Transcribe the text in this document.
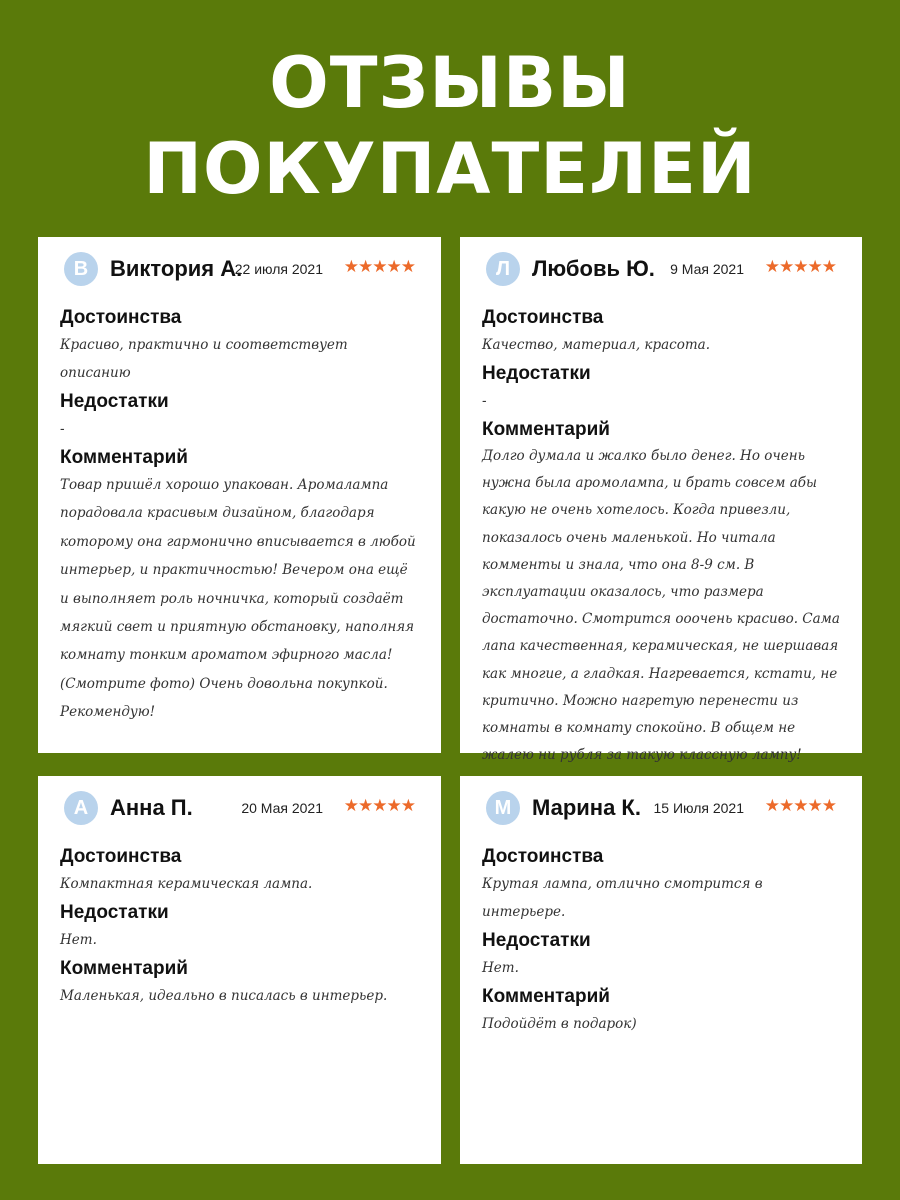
ОТЗЫВЫ
ПОКУПАТЕЛЕЙ
В Виктория А.
22 июля 2021 ★★★★★
Достоинства
Красиво, практично и соответствует описанию
Недостатки
-
Комментарий
Товар пришёл хорошо упакован. Аромалампа порадовала красивым дизайном, благодаря которому она гармонично вписывается в любой интерьер, и практичностью! Вечером она ещё и выполняет роль ночничка, который создаёт мягкий свет и приятную обстановку, наполняя комнату тонким ароматом эфирного масла! (Смотрите фото) Очень довольна покупкой. Рекомендую!
Л Любовь Ю. 9 Мая 2021 ★★★★★
Достоинства
Качество, материал, красота.
Недостатки
-
Комментарий
Долго думала и жалко было денег. Но очень нужна была аромолампа, и брать совсем абы какую не очень хотелось. Когда привезли, показалось очень маленькой. Но читала комменты и знала, что она 8-9 см. В эксплуатации оказалось, что размера достаточно. Смотрится ооочень красиво. Сама лапа качественная, керамическая, не шершавая как многие, а гладкая. Нагревается, кстати, не критично. Можно нагретую перенести из комнаты в комнату спокойно. В общем не жалею ни рубля за такую классную лампу!
А Анна П.	20 Мая 2021 ★★★★★
Достоинства
Компактная керамическая лампа.
Недостатки
Нет.
Комментарий
Маленькая, идеально в писалась в интерьер.
М Марина К. 15 Июля 2021 ★★★★★
Достоинства
Крутая лампа, отлично смотрится в интерьере.
Недостатки
Нет.
Комментарий
Подойдёт в подарок)
